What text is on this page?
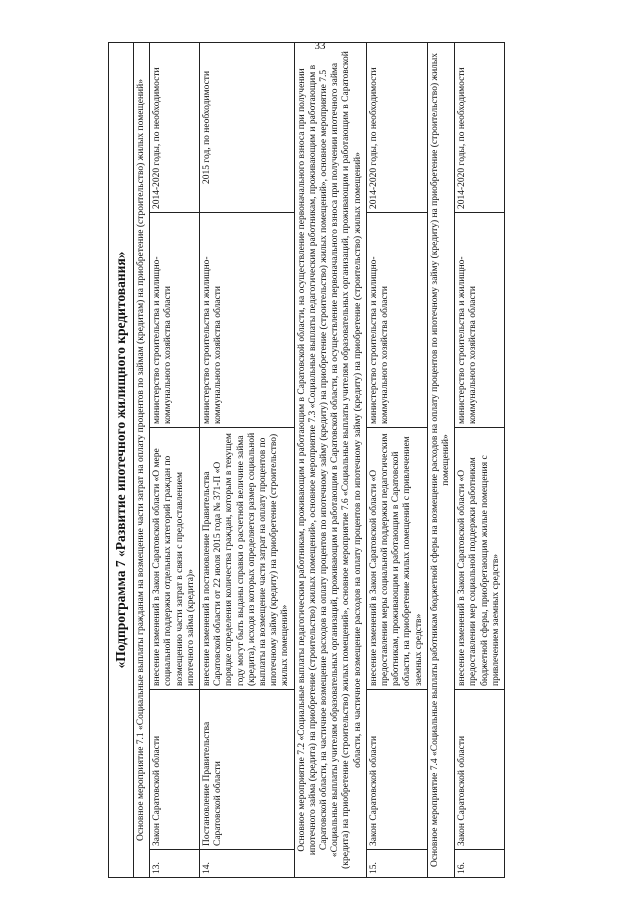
33
«Подпрограмма 7 «Развитие ипотечного жилищного кредитования»				
Основное мероприятие 7.1 «Социальные выплаты гражданам на возмещение части затрат на оплату процентов по займам (кредитам) на приобретение (строительство) жилых помещений»				
13.	Закон Саратовской области	внесение изменений в Закон Саратовской области «О мере социальной поддержки отдельных категорий граждан по возмещению части затрат в связи с предоставлением ипотечного займа (кредита)»	министерство строительства и жилищно-коммунального хозяйства области	2014-2020 годы, по необходимости
14.	Постановление Правительства Саратовской области	внесение изменений в постановление Правительства Саратовской области от 22 июля 2015 года № 371-П «О порядке определения количества граждан, которым в текущем году могут быть выданы справки о расчетной величине займа (кредита), исходя из которых определяется размер социальной выплаты на возмещение части затрат на оплату процентов по ипотечному займу (кредиту) на приобретение (строительство) жилых помещений»	министерство строительства и жилищно-коммунального хозяйства области	2015 год, по необходимости
Основное мероприятие 7.2 «Социальные выплаты педагогическим работникам, проживающим и работающим в Саратовской области, на осуществление первоначального взноса при получении ипотечного займа (кредита) на приобретение (строительство) жилых помещений», основное мероприятие 7.3 «Социальные выплаты педагогическим работникам, проживающим и работающим в Саратовской области, на частичное возмещение расходов на оплату процентов по ипотечному займу (кредиту) на приобретение (строительство) жилых помещений», основное мероприятие 7.5 «Социальные выплаты учителям образовательных организаций, проживающим и работающим в Саратовской области, на осуществление первоначального взноса при получении ипотечного займа (кредита) на приобретение (строительство) жилых помещений», основное мероприятие 7.6 «Социальные выплаты учителям образовательных организаций, проживающим и работающим в Саратовской области, на частичное возмещение расходов на оплату процентов по ипотечному займу (кредиту) на приобретение (строительство) жилых помещений»				
15.	Закон Саратовской области	внесение изменений в Закон Саратовской области «О предоставлении меры социальной поддержки педагогическим работникам, проживающим и работающим в Саратовской области, на приобретение жилых помещений с привлечением заемных средств»	министерство строительства и жилищно-коммунального хозяйства области	2014-2020 годы, по необходимости
Основное мероприятие 7.4 «Социальные выплаты работникам бюджетной сферы на возмещение расходов на оплату процентов по ипотечному займу (кредиту) на приобретение (строительство) жилых помещений»				
16.	Закон Саратовской области	внесение изменений в Закон Саратовской области «О предоставлении мер социальной поддержки работникам бюджетной сферы, приобретающим жилые помещения с привлечением заемных средств»	министерство строительства и жилищно-коммунального хозяйства области	2014-2020 годы, по необходимости
